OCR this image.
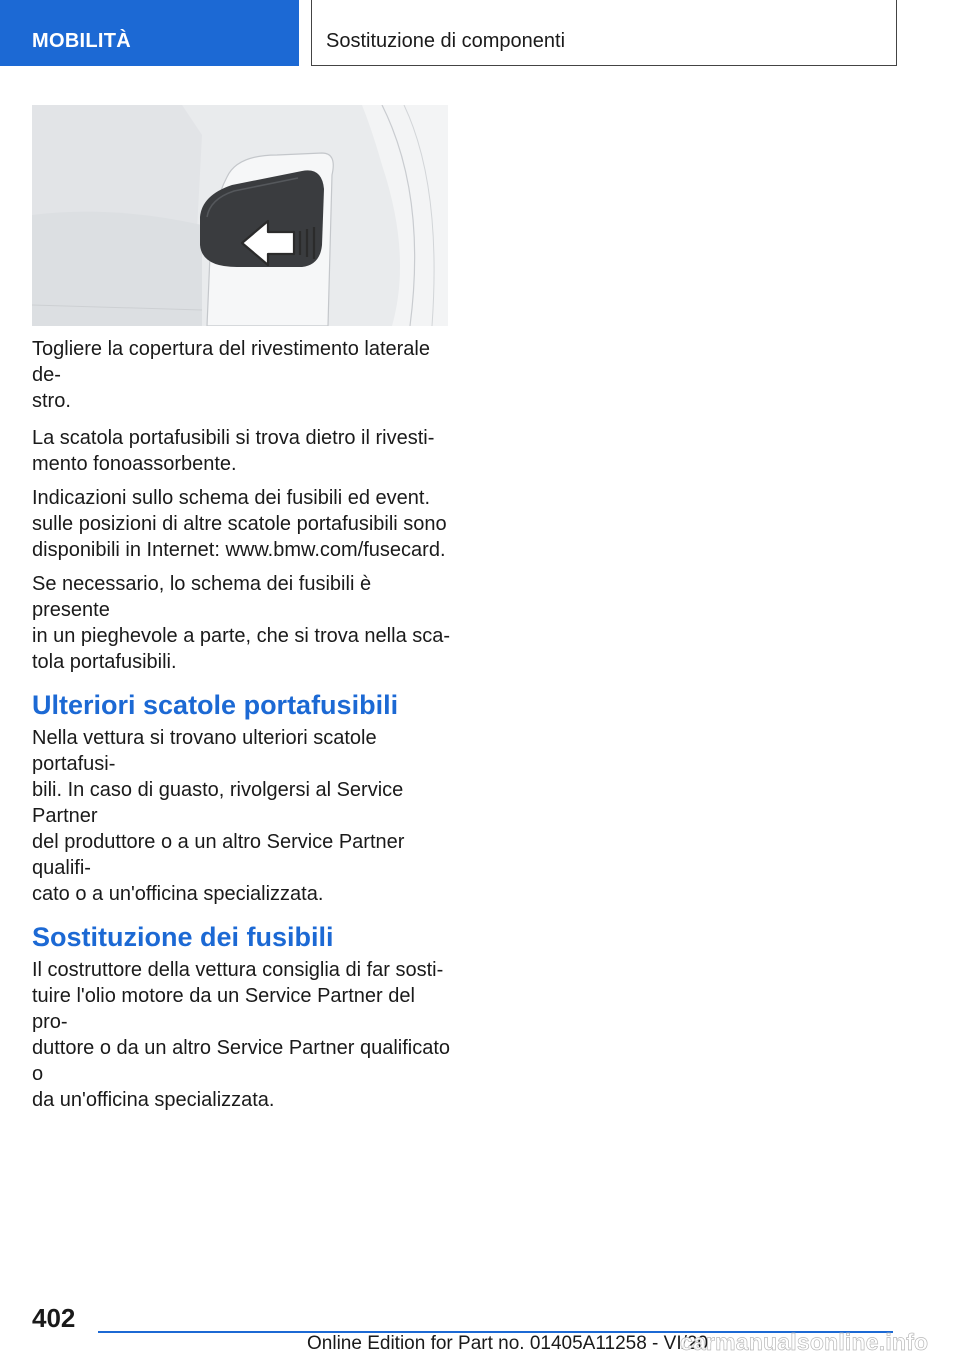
MOBILITÀ	Sostituzione di componenti

Togliere la copertura del rivestimento laterale de-
stro.

La scatola portafusibili si trova dietro il rivesti-
mento fonoassorbente.

Indicazioni sullo schema dei fusibili ed event.
sulle posizioni di altre scatole portafusibili sono
disponibili in Internet: www.bmw.com/fusecard.

Se necessario, lo schema dei fusibili è presente
in un pieghevole a parte, che si trova nella sca-
tola portafusibili.

Ulteriori scatole portafusibili

Nella vettura si trovano ulteriori scatole portafusi-
bili. In caso di guasto, rivolgersi al Service Partner
del produttore o a un altro Service Partner qualifi-
cato o a un'officina specializzata.

Sostituzione dei fusibili

Il costruttore della vettura consiglia di far sosti-
tuire l'olio motore da un Service Partner del pro-
duttore o da un altro Service Partner qualificato o
da un'officina specializzata.

402
Online Edition for Part no. 01405A11258 - VI/20
carmanualsonline.info
